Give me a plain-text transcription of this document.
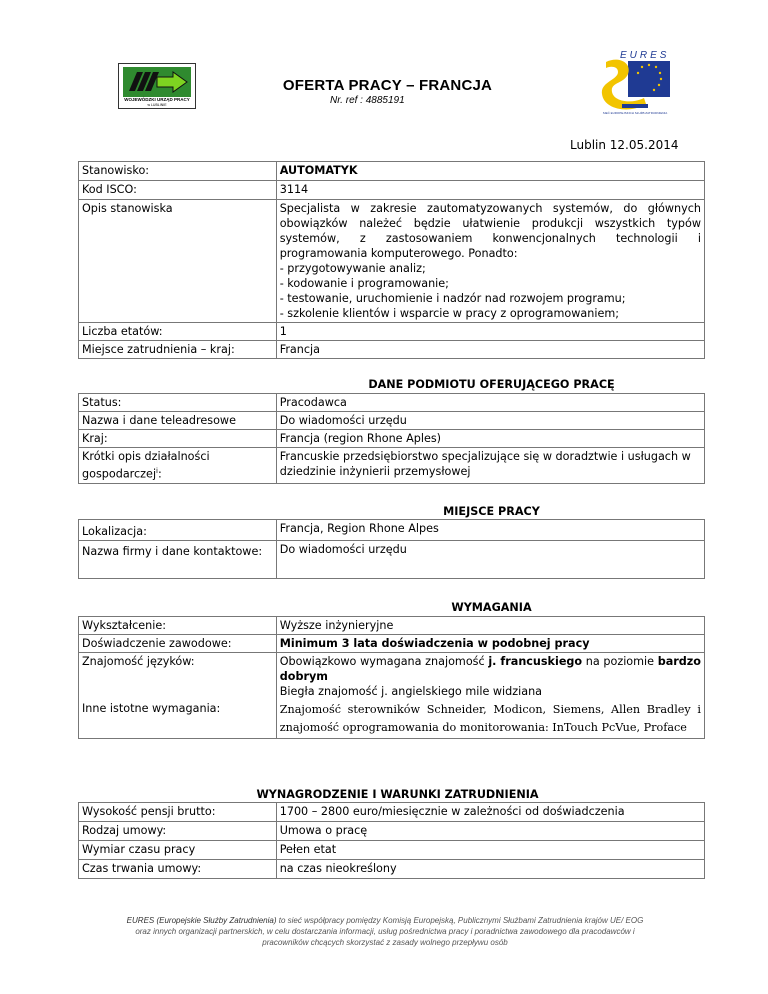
WOJEWÓDZKI URZĄD PRACY
w LUBLINIE
OFERTA PRACY – FRANCJA
Nr. ref : 4885191
EURES
SIEĆ EUROPEJSKICH SŁUŻB ZATRUDNIENIA
Lublin 12.05.2014
Stanowisko:	AUTOMATYK
Kod ISCO:	3114
Opis stanowiska	Specjalista w zakresie zautomatyzowanych systemów, do głównych obowiązków należeć będzie ułatwienie produkcji wszystkich typów systemów, z zastosowaniem konwencjonalnych technologii i programowania komputerowego. Ponadto:
- przygotowywanie analiz;
- kodowanie i programowanie;
- testowanie, uruchomienie i nadzór nad rozwojem programu;
- szkolenie klientów i wsparcie w pracy z oprogramowaniem;

Liczba etatów:	1
Miejsce zatrudnienia – kraj:	Francja
DANE PODMIOTU OFERUJĄCEGO PRACĘ
Status:	Pracodawca
Nazwa i dane teleadresowe	Do wiadomości urzędu
Kraj:	Francja (region Rhone Aples)
Krótki opis działalności gospodarczej$^i$:	Francuskie przedsiębiorstwo specjalizujące się w doradztwie i usługach w dziedzinie inżynierii przemysłowej
MIEJSCE PRACY
Lokalizacja:	Francja, Region Rhone Alpes
Nazwa firmy i dane kontaktowe:	Do wiadomości urzędu
WYMAGANIA
Wykształcenie:	Wyższe inżynieryjne
Doświadczenie zawodowe:	Minimum 3 lata doświadczenia w podobnej pracy
Znajomość języków:	Obowiązkowo wymagana znajomość j. francuskiego na poziomie bardzo dobrym
Biegła znajomość j. angielskiego mile widziana

Inne istotne wymagania:	Znajomość sterowników Schneider, Modicon, Siemens, Allen Bradley i znajomość oprogramowania do monitorowania: InTouch PcVue, Proface
WYNAGRODZENIE I WARUNKI ZATRUDNIENIA
Wysokość pensji brutto:	1700 – 2800 euro/miesięcznie w zależności od doświadczenia
Rodzaj umowy:	Umowa o pracę
Wymiar czasu pracy	Pełen etat
Czas trwania umowy:	na czas nieokreślony
EURES (Europejskie Służby Zatrudnienia) to sieć współpracy pomiędzy Komisją Europejską, Publicznymi Służbami Zatrudnienia krajów UE/ EOG
oraz innych organizacji partnerskich, w celu dostarczania informacji, usług pośrednictwa pracy i poradnictwa zawodowego dla pracodawców i
pracowników chcących skorzystać z zasady wolnego przepływu osób
